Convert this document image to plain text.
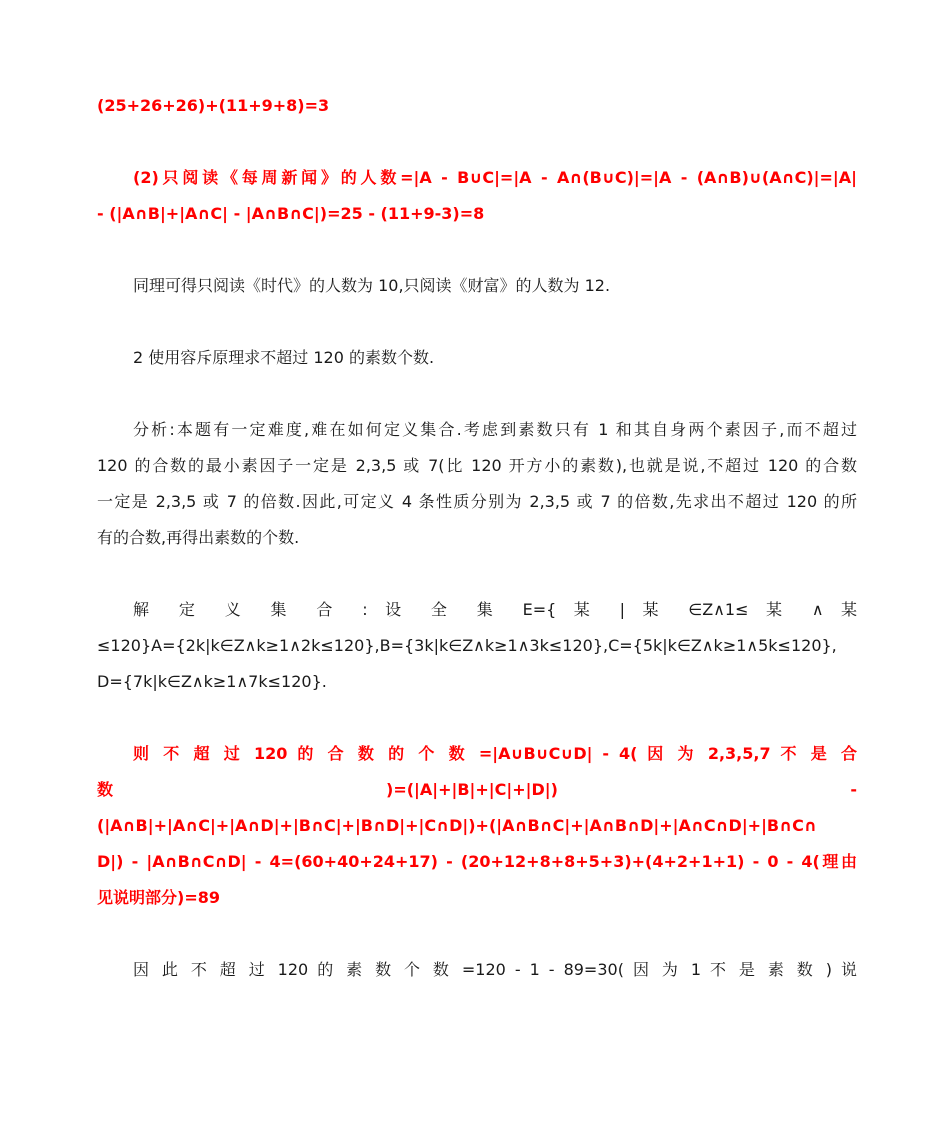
(25+26+26)+(11+9+8)=3
(2)只阅读《每周新闻》的人数=|A - B∪C|=|A - A∩(B∪C)|=|A - (A∩B)∪(A∩C)|=|A|
- (|A∩B|+|A∩C| - |A∩B∩C|)=25 - (11+9-3)=8
同理可得只阅读《时代》的人数为 10,只阅读《财富》的人数为 12.
2 使用容斥原理求不超过 120 的素数个数.
分析:本题有一定难度,难在如何定义集合.考虑到素数只有 1 和其自身两个素因子,而不超过
120 的合数的最小素因子一定是 2,3,5 或 7(比 120 开方小的素数),也就是说,不超过 120 的合数
一定是 2,3,5 或 7 的倍数.因此,可定义 4 条性质分别为 2,3,5 或 7 的倍数,先求出不超过 120 的所
有的合数,再得出素数的个数.
解 定 义 集 合 : 设 全 集 E={ 某 | 某 ∈Z∧1≤ 某 ∧ 某
≤120}A={2k|k∈Z∧k≥1∧2k≤120},B={3k|k∈Z∧k≥1∧3k≤120},C={5k|k∈Z∧k≥1∧5k≤120},
D={7k|k∈Z∧k≥1∧7k≤120}.
则 不 超 过 120 的 合 数 的 个 数 =|A∪B∪C∪D| - 4( 因 为 2,3,5,7 不 是 合
数	)=(|A|+|B|+|C|+|D|)	-
(|A∩B|+|A∩C|+|A∩D|+|B∩C|+|B∩D|+|C∩D|)+(|A∩B∩C|+|A∩B∩D|+|A∩C∩D|+|B∩C∩
D|) - |A∩B∩C∩D| - 4=(60+40+24+17) - (20+12+8+8+5+3)+(4+2+1+1) - 0 - 4(理由
见说明部分)=89
因 此 不 超 过 120 的 素 数 个 数 =120 - 1 - 89=30( 因 为 1 不 是 素 数 ) 说
